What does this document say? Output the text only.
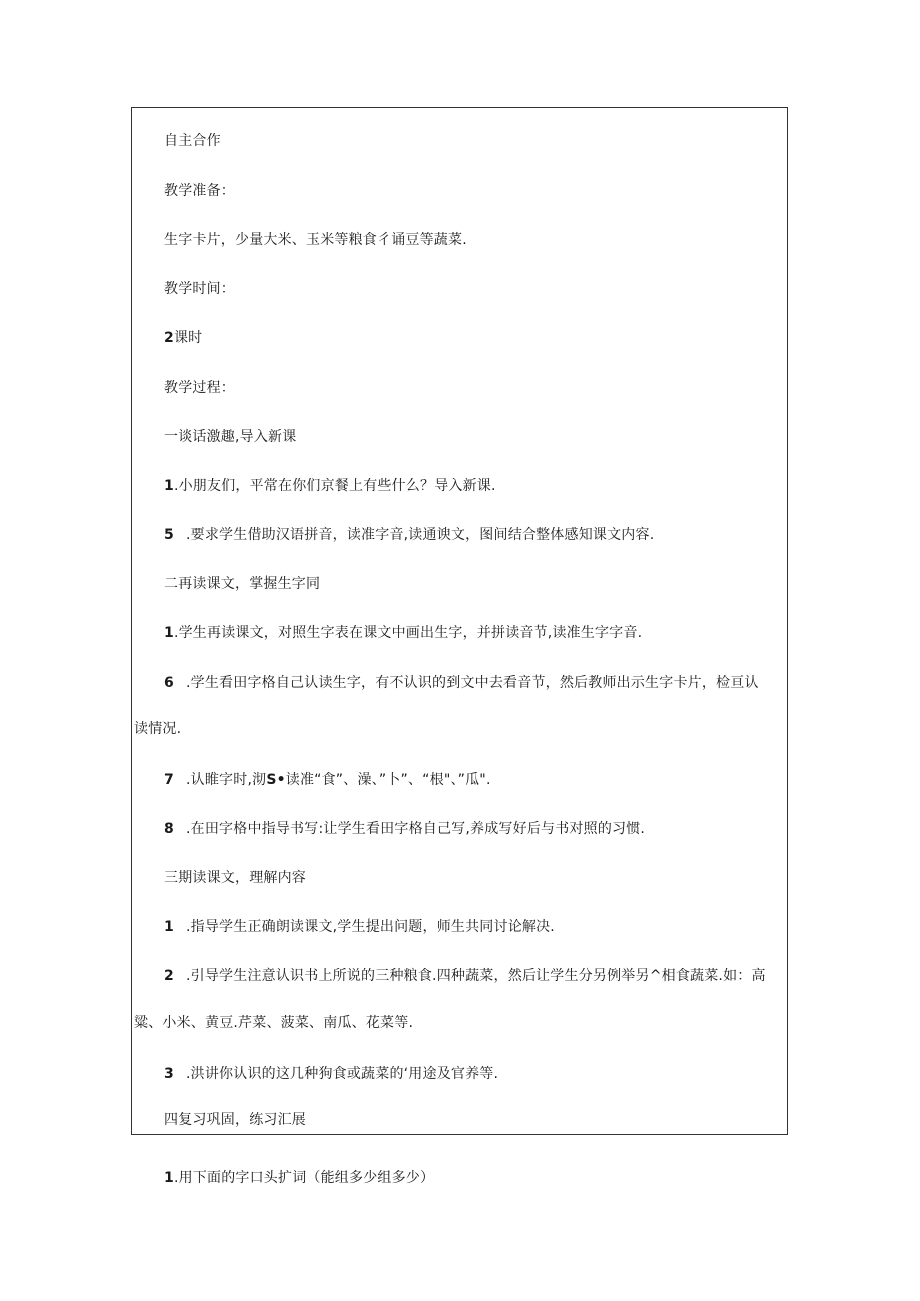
自主合作
教学准备：
生字卡片，少量大米、玉米等粮食彳诵豆等蔬菜.
教学时间：
2课时
教学过程：
一谈话激趣,导入新课
1.小朋友们，平常在你们京餐上有些什么？导入新课.
5 .要求学生借助汉语拼音，读准字音,读通谀文，图间结合整体感知课文内容.
二再读课文，掌握生字同
1.学生再读课文，对照生字表在课文中画出生字，并拼读音节,读准生字字音.
6 .学生看田字格自己认读生字，有不认识的到文中去看音节，然后教师出示生字卡片，检亘认
读情况.
7 .认睢字时,沏S•读准“食”、澡、”卜”、“根"、”瓜".
8 .在田字格中指导书写:让学生看田字格自己写,养成写好后与书对照的习惯.
三期读课文，理解内容
1 .指导学生正确朗读课文,学生提出问题，师生共同讨论解决.
2 .引导学生注意认识书上所说的三种粮食.四种蔬菜，然后让学生分另例举另^相食蔬菜.如：高
粱、小米、黄豆.芹菜、菠菜、南瓜、花菜等.
3 .洪讲你认识的这几种狗食或蔬菜的‘用途及官养等.
四复习巩固，练习汇展
1.用下面的字口头扩词（能组多少组多少）
